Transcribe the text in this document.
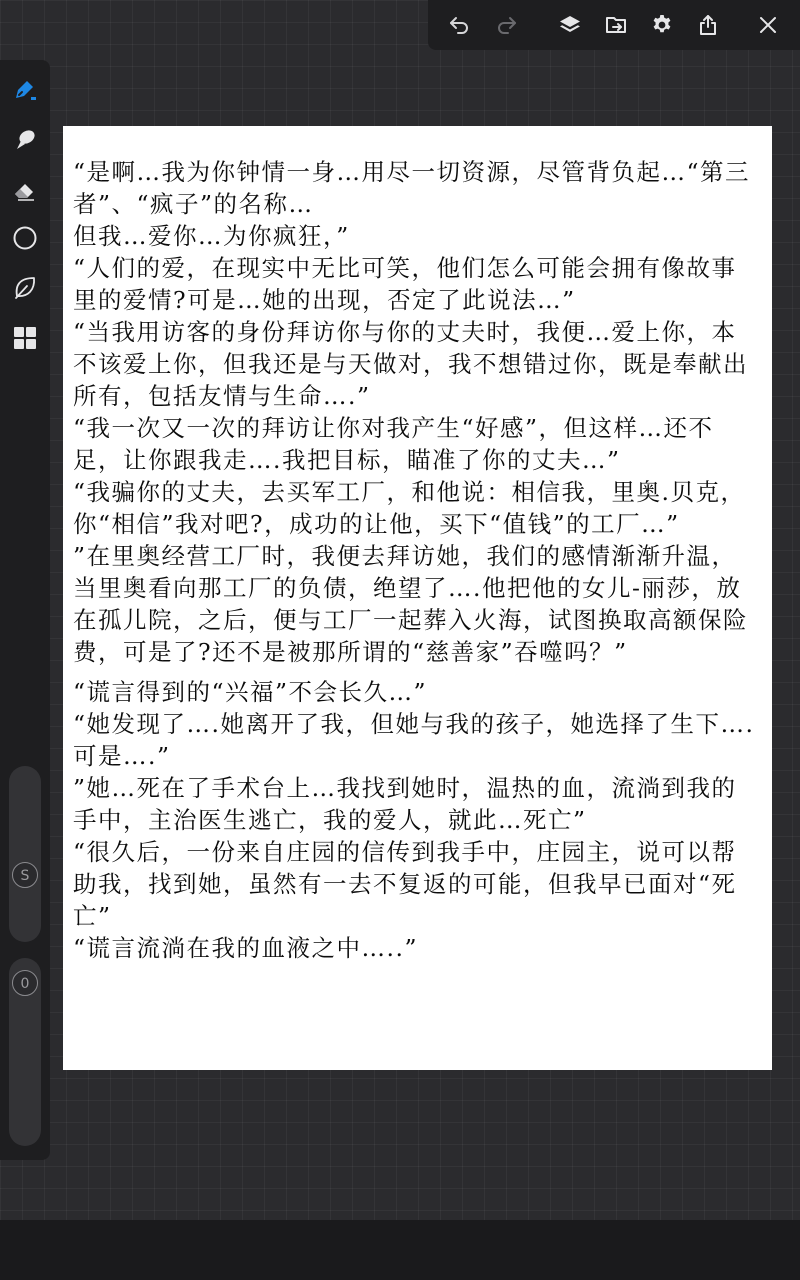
S
0

“是啊…我为你钟情一身…用尽一切资源，尽管背负起…“第三者”、“疯子”的名称…

但我…爱你…为你疯狂，”

“人们的爱，在现实中无比可笑，他们怎么可能会拥有像故事里的爱情?可是…她的出现，否定了此说法…”

“当我用访客的身份拜访你与你的丈夫时，我便…爱上你，本不该爱上你，但我还是与天做对，我不想错过你，既是奉献出所有，包括友情与生命….”

“我一次又一次的拜访让你对我产生“好感”，但这样…还不足，让你跟我走….我把目标，瞄准了你的丈夫…”

“我骗你的丈夫，去买军工厂，和他说：相信我，里奥.贝克，你“相信”我对吧?，成功的让他，买下“值钱”的工厂…”

”在里奥经营工厂时，我便去拜访她，我们的感情渐渐升温，当里奥看向那工厂的负债，绝望了….他把他的女儿-丽莎，放在孤儿院，之后，便与工厂一起葬入火海，试图换取高额保险费，可是了?还不是被那所谓的“慈善家”吞噬吗？”

“谎言得到的“兴福”不会长久…”

“她发现了….她离开了我，但她与我的孩子，她选择了生下….可是….”

”她…死在了手术台上…我找到她时，温热的血，流淌到我的手中，主治医生逃亡，我的爱人，就此…死亡”

“很久后，一份来自庄园的信传到我手中，庄园主，说可以帮助我，找到她，虽然有一去不复返的可能，但我早已面对“死亡”

“谎言流淌在我的血液之中…..”
